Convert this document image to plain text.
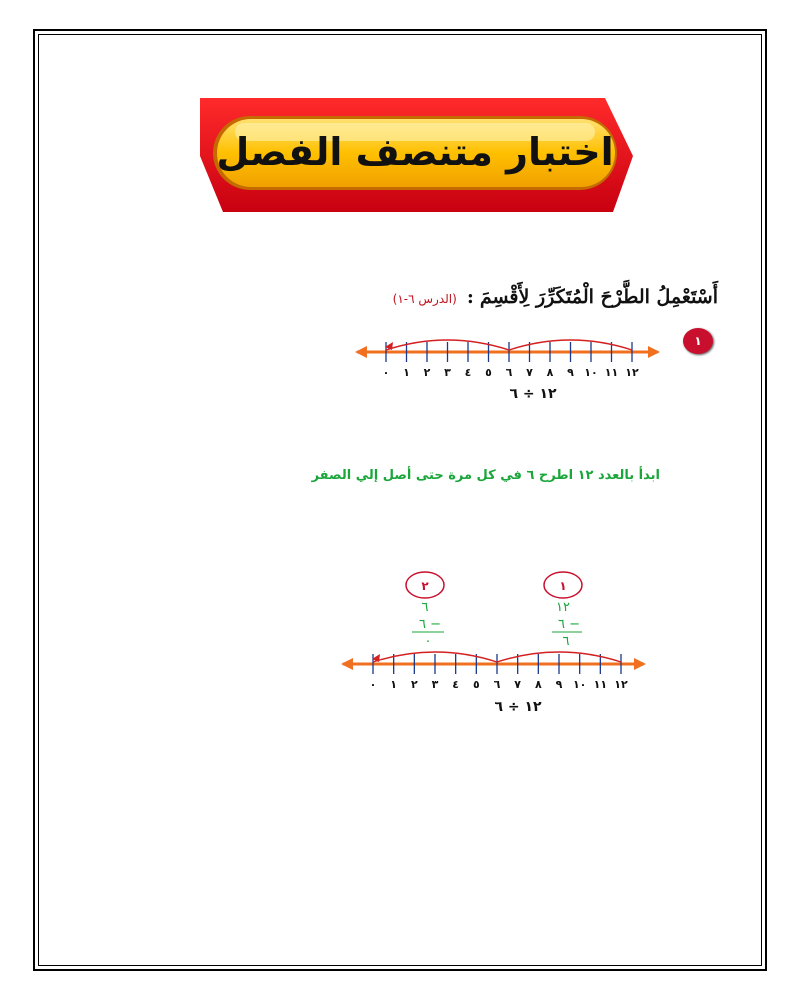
اختبار متنصف الفصل
أَسْتَعْمِلُ الطَّرْحَ الْمُتَكَرِّرَ لِأَقْسِمَ:(الدرس ٦-١)
١
٠ ١ ٢ ٣ ٤ ٥ ٦ ٧ ٨ ٩ ١٠ ١١ ١٢
١٢ ÷ ٦
ابدأ بالعدد ١٢ اطرح ٦ في كل مرة حتى أصل إلي الصفر
١
١٢
٦ −
٦
٢
٦
٦ −
٠
٠ ١ ٢ ٣ ٤ ٥ ٦ ٧ ٨ ٩ ١٠ ١١ ١٢
١٢ ÷ ٦
